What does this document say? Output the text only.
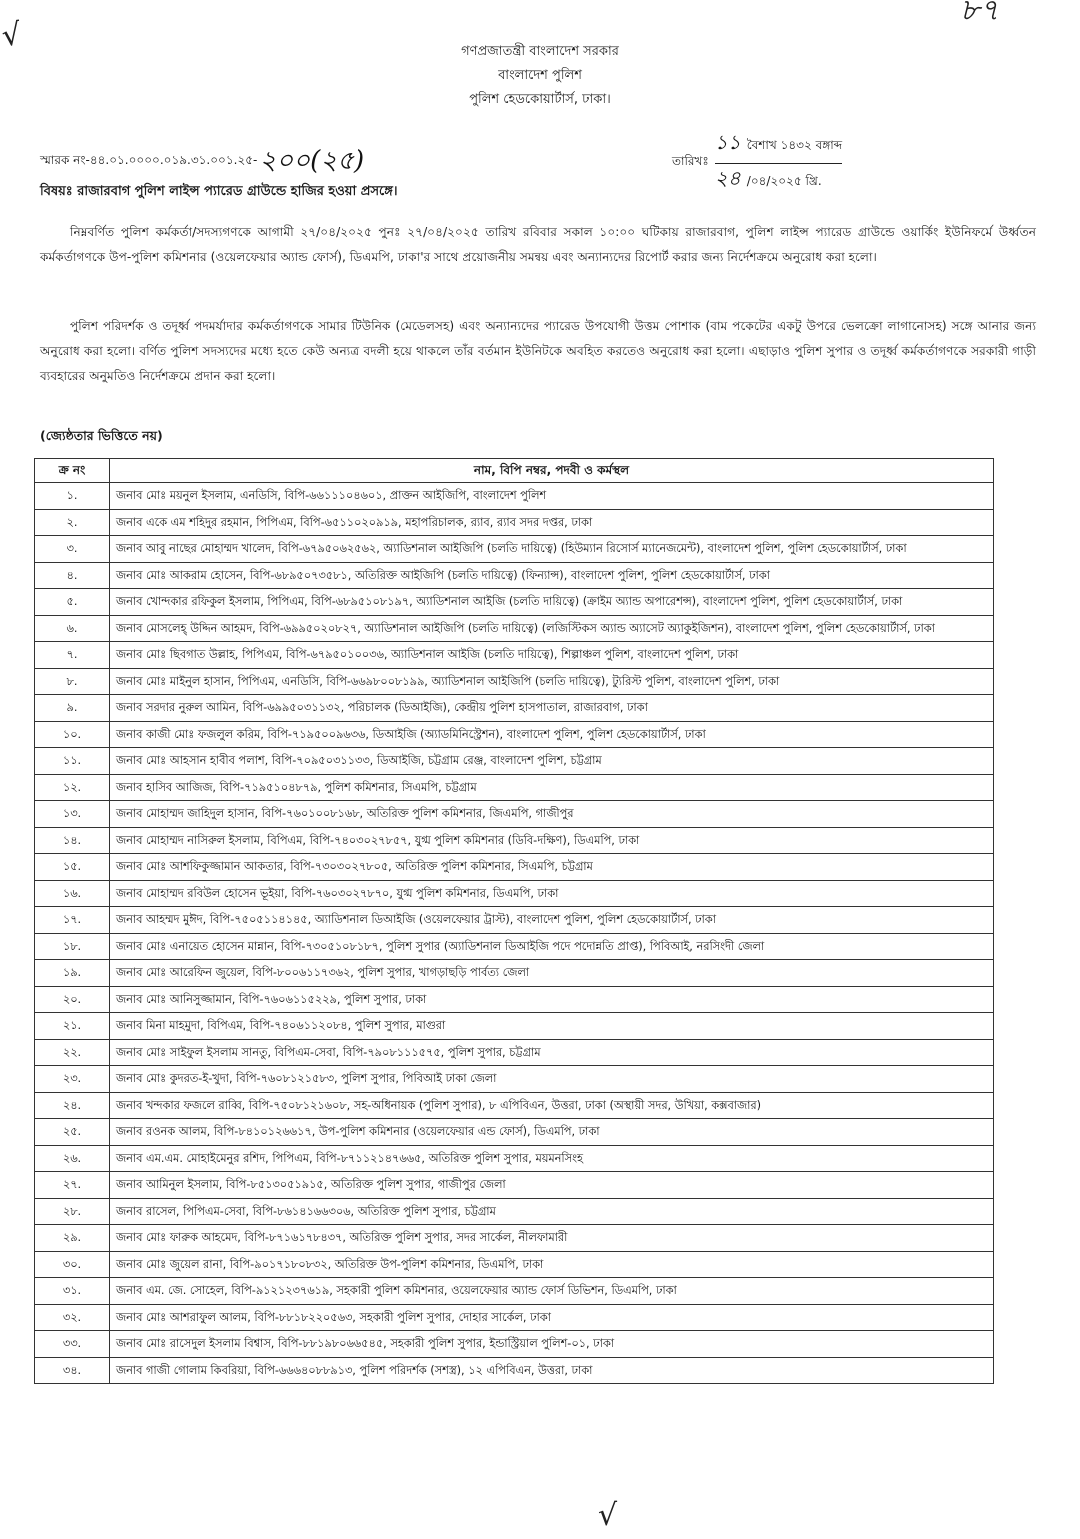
√
৮৭
গণপ্রজাতন্ত্রী বাংলাদেশ সরকার
বাংলাদেশ পুলিশ
পুলিশ হেডকোয়ার্টার্স, ঢাকা।
স্মারক নং-৪৪.০১.০০০০.০১৯.৩১.০০১.২৫- ২০০(২৫)	তারিখঃ
১১ বৈশাখ ১৪৩২ বঙ্গাব্দ
২৪ /০৪/২০২৫ খ্রি.
বিষয়ঃ রাজারবাগ পুলিশ লাইন্স প্যারেড গ্রাউন্ডে হাজির হওয়া প্রসঙ্গে।
নিম্নবর্ণিত পুলিশ কর্মকর্তা/সদস্যগণকে আগামী ২৭/০৪/২০২৫ পুনঃ ২৭/০৪/২০২৫ তারিখ রবিবার সকাল ১০:০০ ঘটিকায় রাজারবাগ, পুলিশ লাইন্স প্যারেড গ্রাউন্ডে ওয়ার্কিং ইউনিফর্মে উর্ধ্বতন কর্মকর্তাগণকে উপ-পুলিশ কমিশনার (ওয়েলফেয়ার অ্যান্ড ফোর্স), ডিএমপি, ঢাকা'র সাথে প্রয়োজনীয় সমন্বয় এবং অন্যান্যদের রিপোর্ট করার জন্য নির্দেশক্রমে অনুরোধ করা হলো।
পুলিশ পরিদর্শক ও তদূর্ধ্ব পদমর্যাদার কর্মকর্তাগণকে সামার টিউনিক (মেডেলসহ) এবং অন্যান্যদের প্যারেড উপযোগী উত্তম পোশাক (বাম পকেটের একটু উপরে ভেলক্রো লাগানোসহ) সঙ্গে আনার জন্য অনুরোধ করা হলো। বর্ণিত পুলিশ সদস্যদের মধ্যে হতে কেউ অন্যত্র বদলী হয়ে থাকলে তাঁর বর্তমান ইউনিটকে অবহিত করতেও অনুরোধ করা হলো। এছাড়াও পুলিশ সুপার ও তদূর্ধ্ব কর্মকর্তাগণকে সরকারী গাড়ী ব্যবহারের অনুমতিও নির্দেশক্রমে প্রদান করা হলো।
(জ্যেষ্ঠতার ভিত্তিতে নয়)
ক্র নং	নাম, বিপি নম্বর, পদবী ও কর্মস্থল
১.	জনাব মোঃ ময়নুল ইসলাম, এনডিসি, বিপি-৬৬১১১০৪৬০১, প্রাক্তন আইজিপি, বাংলাদেশ পুলিশ
২.	জনাব একে এম শহিদুর রহমান, পিপিএম, বিপি-৬৫১১০২০৯১৯, মহাপরিচালক, র‍্যাব, র‍্যাব সদর দপ্তর, ঢাকা
৩.	জনাব আবু নাছের মোহাম্মদ খালেদ, বিপি-৬৭৯৫০৬২৫৬২, অ্যাডিশনাল আইজিপি (চলতি দায়িত্বে) (হিউম্যান রিসোর্স ম্যানেজমেন্ট), বাংলাদেশ পুলিশ, পুলিশ হেডকোয়ার্টার্স, ঢাকা
৪.	জনাব মোঃ আকরাম হোসেন, বিপি-৬৮৯৫০৭৩৫৮১, অতিরিক্ত আইজিপি (চলতি দায়িত্বে) (ফিন্যান্স), বাংলাদেশ পুলিশ, পুলিশ হেডকোয়ার্টার্স, ঢাকা
৫.	জনাব খোন্দকার রফিকুল ইসলাম, পিপিএম, বিপি-৬৮৯৫১০৮১৯৭, অ্যাডিশনাল আইজি (চলতি দায়িত্বে) (ক্রাইম অ্যান্ড অপারেশন্স), বাংলাদেশ পুলিশ, পুলিশ হেডকোয়ার্টার্স, ঢাকা
৬.	জনাব মোসলেহ্ উদ্দিন আহমদ, বিপি-৬৯৯৫০২০৮২৭, অ্যাডিশনাল আইজিপি (চলতি দায়িত্বে) (লজিস্টিকস অ্যান্ড অ্যাসেট অ্যাকুইজিশন), বাংলাদেশ পুলিশ, পুলিশ হেডকোয়ার্টার্স, ঢাকা
৭.	জনাব মোঃ ছিবগাত উল্লাহ, পিপিএম, বিপি-৬৭৯৫০১০০৩৬, অ্যাডিশনাল আইজি (চলতি দায়িত্বে), শিল্পাঞ্চল পুলিশ, বাংলাদেশ পুলিশ, ঢাকা
৮.	জনাব মোঃ মাইনুল হাসান, পিপিএম, এনডিসি, বিপি-৬৬৯৮০০৮১৯৯, অ্যাডিশনাল আইজিপি (চলতি দায়িত্বে), ট্যুরিস্ট পুলিশ, বাংলাদেশ পুলিশ, ঢাকা
৯.	জনাব সরদার নুরুল আমিন, বিপি-৬৯৯৫০৩১১৩২, পরিচালক (ডিআইজি), কেন্দ্রীয় পুলিশ হাসপাতাল, রাজারবাগ, ঢাকা
১০.	জনাব কাজী মোঃ ফজলুল করিম, বিপি-৭১৯৫০০৯৬৩৬, ডিআইজি (অ্যাডমিনিস্ট্রেশন), বাংলাদেশ পুলিশ, পুলিশ হেডকোয়ার্টার্স, ঢাকা
১১.	জনাব মোঃ আহসান হাবীব পলাশ, বিপি-৭০৯৫০৩১১৩৩, ডিআইজি, চট্টগ্রাম রেঞ্জ, বাংলাদেশ পুলিশ, চট্টগ্রাম
১২.	জনাব হাসিব আজিজ, বিপি-৭১৯৫১০৪৮৭৯, পুলিশ কমিশনার, সিএমপি, চট্টগ্রাম
১৩.	জনাব মোহাম্মদ জাহিদুল হাসান, বিপি-৭৬০১০০৮১৬৮, অতিরিক্ত পুলিশ কমিশনার, জিএমপি, গাজীপুর
১৪.	জনাব মোহাম্মদ নাসিরুল ইসলাম, বিপিএম, বিপি-৭৪০৩০২৭৮৫৭, যুগ্ম পুলিশ কমিশনার (ডিবি-দক্ষিণ), ডিএমপি, ঢাকা
১৫.	জনাব মোঃ আশফিকুজ্জামান আকতার, বিপি-৭৩০৩০২৭৮০৫, অতিরিক্ত পুলিশ কমিশনার, সিএমপি, চট্টগ্রাম
১৬.	জনাব মোহাম্মদ রবিউল হোসেন ভূইয়া, বিপি-৭৬০৩০২৭৮৭০, যুগ্ম পুলিশ কমিশনার, ডিএমপি, ঢাকা
১৭.	জনাব আহম্মদ মুঈদ, বিপি-৭৫০৫১১৪১৪৫, অ্যাডিশনাল ডিআইজি (ওয়েলফেয়ার ট্রাস্ট), বাংলাদেশ পুলিশ, পুলিশ হেডকোয়ার্টার্স, ঢাকা
১৮.	জনাব মোঃ এনায়েত হোসেন মান্নান, বিপি-৭৩০৫১০৮১৮৭, পুলিশ সুপার (অ্যাডিশনাল ডিআইজি পদে পদোন্নতি প্রাপ্ত), পিবিআই, নরসিংদী জেলা
১৯.	জনাব মোঃ আরেফিন জুয়েল, বিপি-৮০০৬১১৭৩৬২, পুলিশ সুপার, খাগড়াছড়ি পার্বত্য জেলা
২০.	জনাব মোঃ আনিসুজ্জামান, বিপি-৭৬০৬১১৫২২৯, পুলিশ সুপার, ঢাকা
২১.	জনাব মিনা মাহমুদা, বিপিএম, বিপি-৭৪০৬১১২০৮৪, পুলিশ সুপার, মাগুরা
২২.	জনাব মোঃ সাইফুল ইসলাম সানতু, বিপিএম-সেবা, বিপি-৭৯০৮১১১৫৭৫, পুলিশ সুপার, চট্টগ্রাম
২৩.	জনাব মোঃ কুদরত-ই-খুদা, বিপি-৭৬০৮১২১৫৮৩, পুলিশ সুপার, পিবিআই ঢাকা জেলা
২৪.	জনাব খন্দকার ফজলে রাব্বি, বিপি-৭৫০৮১২১৬০৮, সহ-অধিনায়ক (পুলিশ সুপার), ৮ এপিবিএন, উত্তরা, ঢাকা (অস্থায়ী সদর, উখিয়া, কক্সবাজার)
২৫.	জনাব রওনক আলম, বিপি-৮৪১০১২৬৬১৭, উপ-পুলিশ কমিশনার (ওয়েলফেয়ার এন্ড ফোর্স), ডিএমপি, ঢাকা
২৬.	জনাব এম.এম. মোহাইমেনুর রশিদ, পিপিএম, বিপি-৮৭১১২১৪৭৬৬৫, অতিরিক্ত পুলিশ সুপার, ময়মনসিংহ
২৭.	জনাব আমিনুল ইসলাম, বিপি-৮৫১৩০৫১৯১৫, অতিরিক্ত পুলিশ সুপার, গাজীপুর জেলা
২৮.	জনাব রাসেল, পিপিএম-সেবা, বিপি-৮৬১৪১৬৬৩০৬, অতিরিক্ত পুলিশ সুপার, চট্টগ্রাম
২৯.	জনাব মোঃ ফারুক আহমেদ, বিপি-৮৭১৬১৭৮৪৩৭, অতিরিক্ত পুলিশ সুপার, সদর সার্কেল, নীলফামারী
৩০.	জনাব মোঃ জুয়েল রানা, বিপি-৯০১৭১৮০৮৩২, অতিরিক্ত উপ-পুলিশ কমিশনার, ডিএমপি, ঢাকা
৩১.	জনাব এম. জে. সোহেল, বিপি-৯১২১২৩৭৬১৯, সহকারী পুলিশ কমিশনার, ওয়েলফেয়ার অ্যান্ড ফোর্স ডিভিশন, ডিএমপি, ঢাকা
৩২.	জনাব মোঃ আশরাফুল আলম, বিপি-৮৮১৮২২০৫৬৩, সহকারী পুলিশ সুপার, দোহার সার্কেল, ঢাকা
৩৩.	জনাব মোঃ রাসেদুল ইসলাম বিশ্বাস, বিপি-৮৮১৯৮০৬৬৫৪৫, সহকারী পুলিশ সুপার, ইন্ডাস্ট্রিয়াল পুলিশ-০১, ঢাকা
৩৪.	জনাব গাজী গোলাম কিবরিয়া, বিপি-৬৬৬৪০৮৮৯১৩, পুলিশ পরিদর্শক (সশস্ত্র), ১২ এপিবিএন, উত্তরা, ঢাকা
√
